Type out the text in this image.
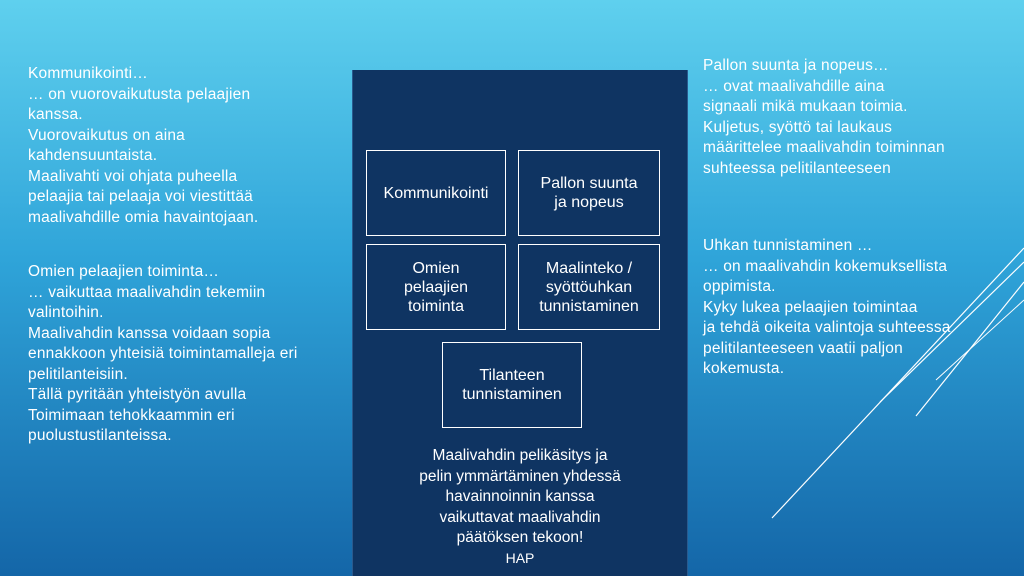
Kommunikointi…
… on vuorovaikutusta pelaajien
kanssa.
Vuorovaikutus on aina
kahdensuuntaista.
Maalivahti voi ohjata puheella
pelaajia tai pelaaja voi viestittää
maalivahdille omia havaintojaan.
Omien pelaajien toiminta…
… vaikuttaa maalivahdin tekemiin
valintoihin.
Maalivahdin kanssa voidaan sopia
ennakkoon yhteisiä toimintamalleja eri
pelitilanteisiin.
Tällä pyritään yhteistyön avulla
Toimimaan tehokkaammin eri
puolustustilanteissa.
Pallon suunta ja nopeus…
… ovat maalivahdille aina
signaali mikä mukaan toimia.
Kuljetus, syöttö tai laukaus
määrittelee maalivahdin toiminnan
suhteessa pelitilanteeseen
Uhkan tunnistaminen …
… on maalivahdin kokemuksellista
oppimista.
Kyky lukea pelaajien toimintaa
ja tehdä oikeita valintoja suhteessa
pelitilanteeseen vaatii paljon
kokemusta.
Kommunikointi
Pallon suunta
ja nopeus
Omien
pelaajien
toiminta
Maalinteko /
syöttöuhkan
tunnistaminen
Tilanteen
tunnistaminen
Maalivahdin pelikäsitys ja
pelin ymmärtäminen yhdessä
havainnoinnin kanssa
vaikuttavat maalivahdin
päätöksen tekoon!
HAP
